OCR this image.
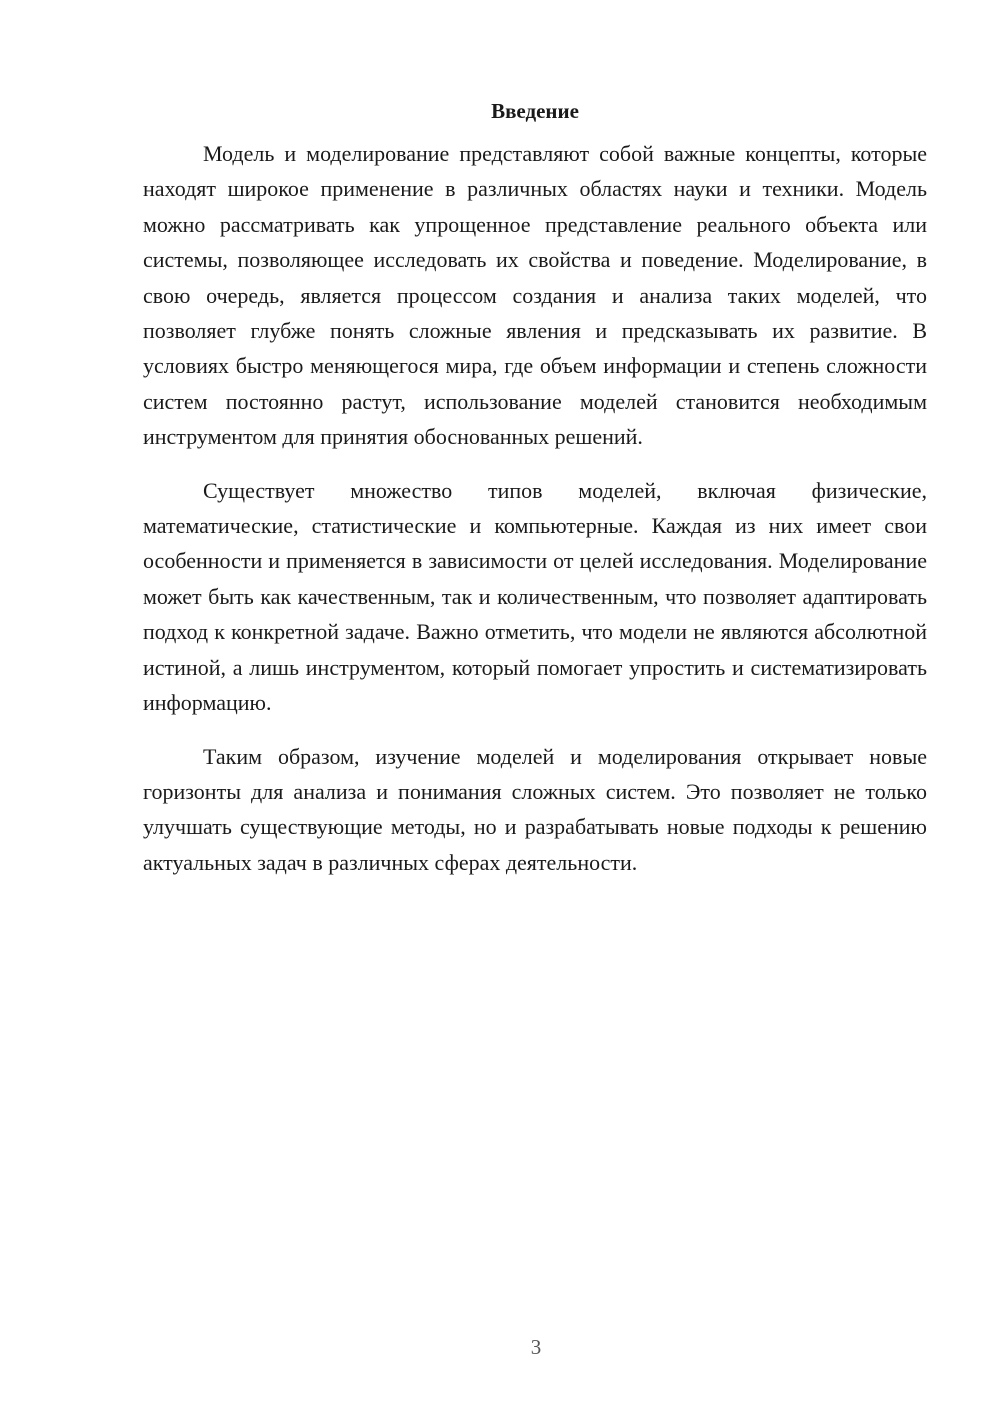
Введение

Модель и моделирование представляют собой важные концепты, которые находят широкое применение в различных областях науки и техники. Модель можно рассматривать как упрощенное представление реального объекта или системы, позволяющее исследовать их свойства и поведение. Моделирование, в свою очередь, является процессом создания и анализа таких моделей, что позволяет глубже понять сложные явления и предсказывать их развитие. В условиях быстро меняющегося мира, где объем информации и степень сложности систем постоянно растут, использование моделей становится необходимым инструментом для принятия обоснованных решений.

Существует множество типов моделей, включая физические, математические, статистические и компьютерные. Каждая из них имеет свои особенности и применяется в зависимости от целей исследования. Моделирование может быть как качественным, так и количественным, что позволяет адаптировать подход к конкретной задаче. Важно отметить, что модели не являются абсолютной истиной, а лишь инструментом, который помогает упростить и систематизировать информацию.

Таким образом, изучение моделей и моделирования открывает новые горизонты для анализа и понимания сложных систем. Это позволяет не только улучшать существующие методы, но и разрабатывать новые подходы к решению актуальных задач в различных сферах деятельности.

3
